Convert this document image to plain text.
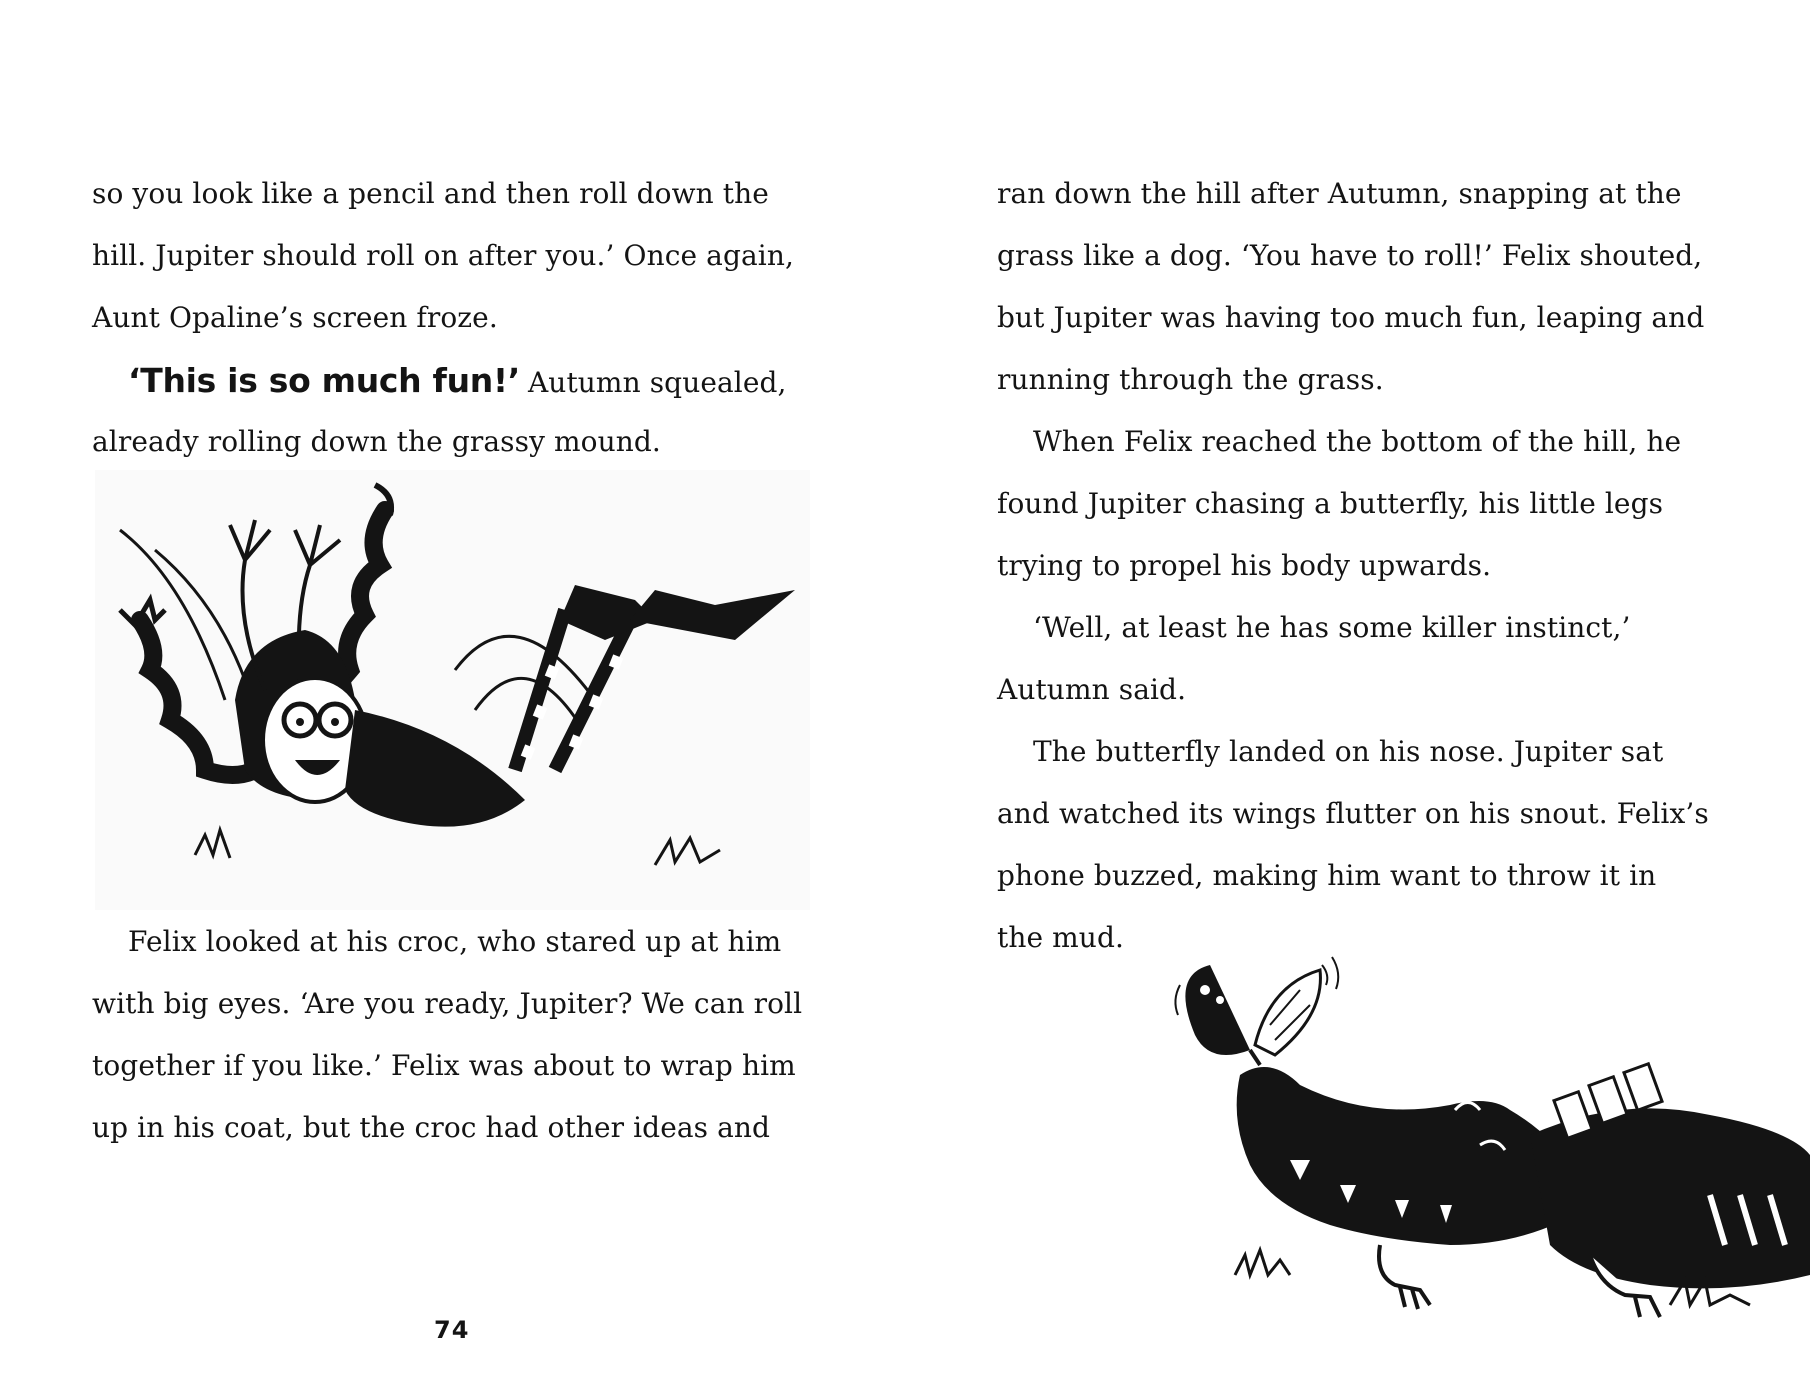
so you look like a pencil and then roll down the
hill. Jupiter should roll on after you.’ Once again,
Aunt Opaline’s screen froze.
‘This is so much fun!’ Autumn squealed,
already rolling down the grassy mound.
Felix looked at his croc, who stared up at him
with big eyes. ‘Are you ready, Jupiter? We can roll
together if you like.’ Felix was about to wrap him
up in his coat, but the croc had other ideas and
74
ran down the hill after Autumn, snapping at the
grass like a dog. ‘You have to roll!’ Felix shouted,
but Jupiter was having too much fun, leaping and
running through the grass.
When Felix reached the bottom of the hill, he
found Jupiter chasing a butterfly, his little legs
trying to propel his body upwards.
‘Well, at least he has some killer instinct,’
Autumn said.
The butterfly landed on his nose. Jupiter sat
and watched its wings flutter on his snout. Felix’s
phone buzzed, making him want to throw it in
the mud.
